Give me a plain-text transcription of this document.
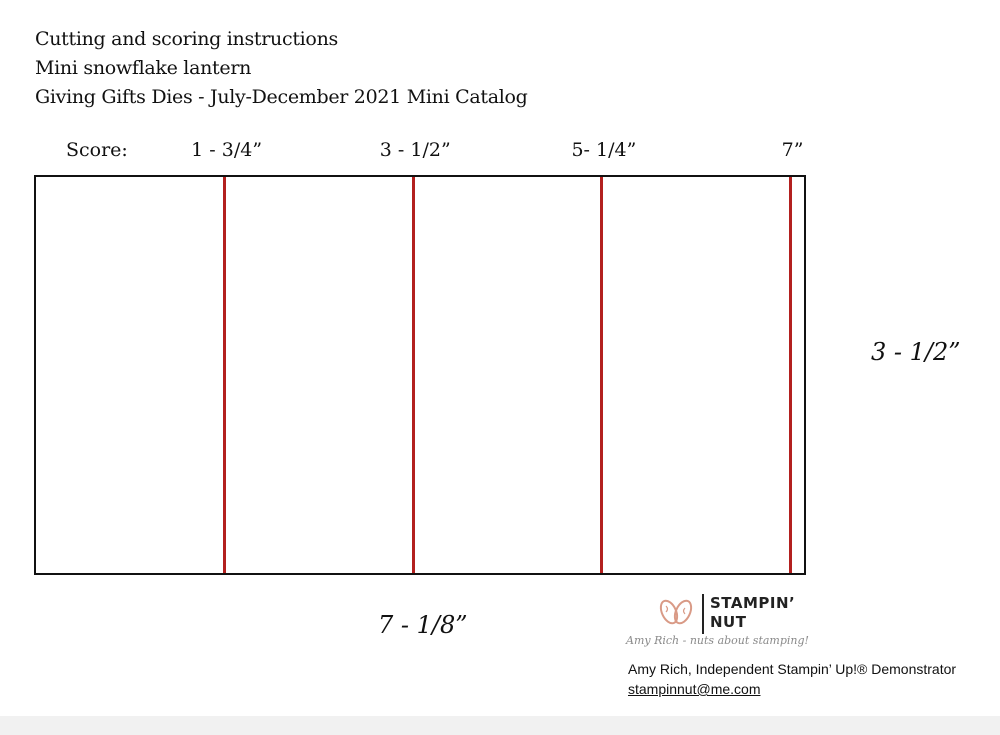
Cutting and scoring instructions
Mini snowflake lantern
Giving Gifts Dies - July-December 2021 Mini Catalog
Score:	1 - 3/4”	3 - 1/2”	5- 1/4”	7”
3 - 1/2”
7 - 1/8”
STAMPIN’
NUT
Amy Rich - nuts about stamping!
Amy Rich, Independent Stampin’ Up!® Demonstrator
stampinnut@me.com
